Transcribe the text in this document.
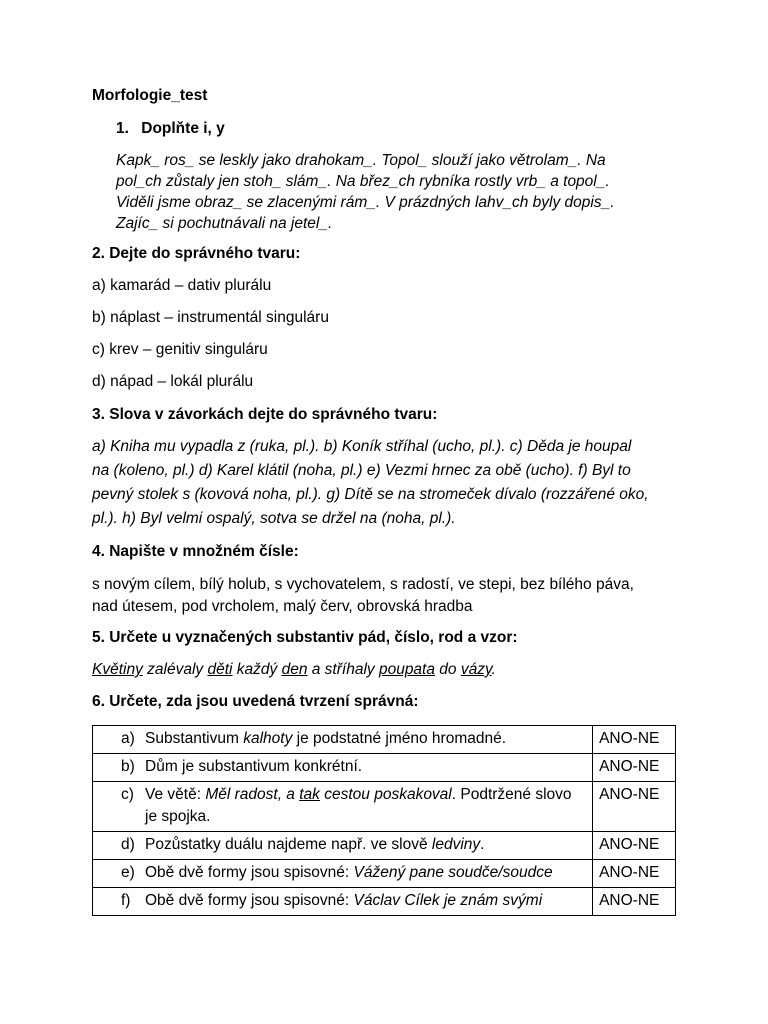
Morfologie_test
1. Doplňte i, y
Kapk_ ros_ se leskly jako drahokam_. Topol_ slouží jako větrolam_. Na
pol_ch zůstaly jen stoh_ slám_. Na břez_ch rybníka rostly vrb_ a topol_.
Viděli jsme obraz_ se zlacenými rám_. V prázdných lahv_ch byly dopis_.
Zajíc_ si pochutnávali na jetel_.
2. Dejte do správného tvaru:
a) kamarád – dativ plurálu
b) náplast – instrumentál singuláru
c) krev – genitiv singuláru
d) nápad – lokál plurálu
3. Slova v závorkách dejte do správného tvaru:
a) Kniha mu vypadla z (ruka, pl.). b) Koník stříhal (ucho, pl.). c) Děda je houpal
na (koleno, pl.) d) Karel klátil (noha, pl.) e) Vezmi hrnec za obě (ucho). f) Byl to
pevný stolek s (kovová noha, pl.). g) Dítě se na stromeček dívalo (rozzářené oko,
pl.). h) Byl velmi ospalý, sotva se držel na (noha, pl.).
4. Napište v množném čísle:
s novým cílem, bílý holub, s vychovatelem, s radostí, ve stepi, bez bílého páva,
nad útesem, pod vrcholem, malý červ, obrovská hradba
5. Určete u vyznačených substantiv pád, číslo, rod a vzor:
Květiny zalévaly děti každý den a stříhaly poupata do vázy.
6. Určete, zda jsou uvedená tvrzení správná:
a) Substantivum kalhoty je podstatné jméno hromadné.	ANO-NE

b) Dům je substantivum konkrétní.	ANO-NE

c) Ve větě: Měl radost, a tak cestou poskakoval. Podtržené slovo je spojka.	ANO-NE

d) Pozůstatky duálu najdeme např. ve slově ledviny.	ANO-NE

e) Obě dvě formy jsou spisovné: Vážený pane soudče/soudce	ANO-NE

f) Obě dvě formy jsou spisovné: Václav Cílek je znám svými	ANO-NE
